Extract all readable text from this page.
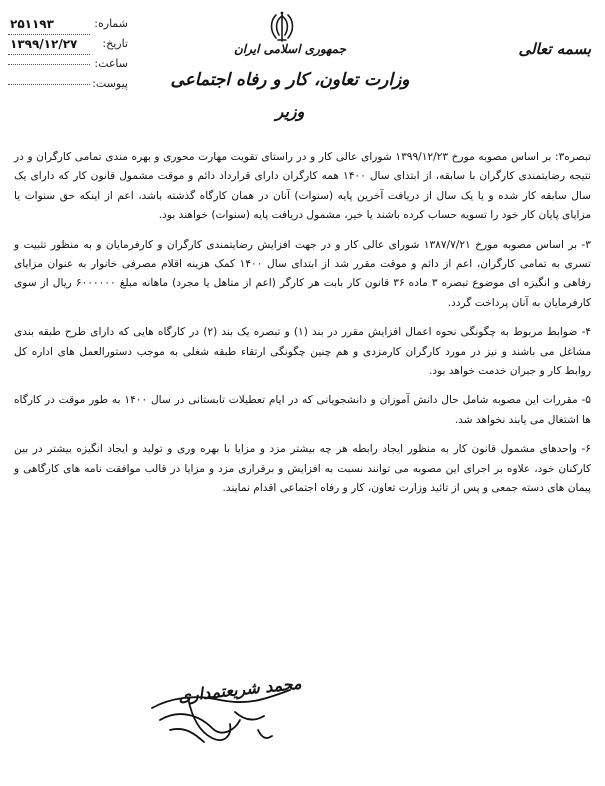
شماره:
۲۵۱۱۹۳
تاریخ:
۱۳۹۹/۱۲/۲۷
ساعت:
پیوست:
جمهوری اسلامی ایران
وزارت تعاون، کار و رفاه اجتماعی
وزیر
بسمه تعالی

تبصره۳: بر اساس مصوبه مورخ ۱۳۹۹/۱۲/۲۳ شورای عالی کار و در راستای تقویت مهارت محوری و بهره مندی تمامی کارگران و در نتیجه رضایتمندی کارگران با سابقه، از ابتدای سال ۱۴۰۰ همه کارگران دارای قرارداد دائم و موقت مشمول قانون کار که دارای یک سال سابقه کار شده و یا یک سال از دریافت آخرین پایه (سنوات) آنان در همان کارگاه گذشته باشد، اعم از اینکه حق سنوات یا مزایای پایان کار خود را تسویه حساب کرده باشند یا خیر، مشمول دریافت پایه (سنوات) خواهند بود.

۳- بر اساس مصوبه مورخ ۱۳۸۷/۷/۲۱ شورای عالی کار و در جهت افزایش رضایتمندی کارگران و کارفرمایان و به منظور تثبیت و تسری به تمامی کارگران، اعم از دائم و موقت مقرر شد از ابتدای سال ۱۴۰۰ کمک هزینه اقلام مصرفی خانوار به عنوان مزایای رفاهی و انگیزه ای موضوع تبصره ۳ ماده ۳۶ قانون کار بابت هر کارگر (اعم از متاهل یا مجرد) ماهانه مبلغ ۶۰۰۰۰۰۰ ریال از سوی کارفرمایان به آنان پرداخت گردد.

۴- ضوابط مربوط به چگونگی نحوه اعمال افزایش مقرر در بند (۱) و تبصره یک بند (۲) در کارگاه هایی که دارای طرح طبقه بندی مشاغل می باشند و نیز در مورد کارگران کارمزدی و هم چنین چگونگی ارتقاء طبقه شغلی به موجب دستورالعمل های اداره کل روابط کار و جبران خدمت خواهد بود.

۵- مقررات این مصوبه شامل حال دانش آموزان و دانشجویانی که در ایام تعطیلات تابستانی در سال ۱۴۰۰ به طور موقت در کارگاه ها اشتغال می یابند نخواهد شد.

۶- واحدهای مشمول قانون کار به منظور ایجاد رابطه هر چه بیشتر مزد و مزایا با بهره وری و تولید و ایجاد انگیزه بیشتر در بین کارکنان خود، علاوه بر اجرای این مصوبه می توانند نسبت به افزایش و برقراری مزد و مزایا در قالب موافقت نامه های کارگاهی و پیمان های دسته جمعی و پس از تائید وزارت تعاون، کار و رفاه اجتماعی اقدام نمایند.

محمد شریعتمداری
